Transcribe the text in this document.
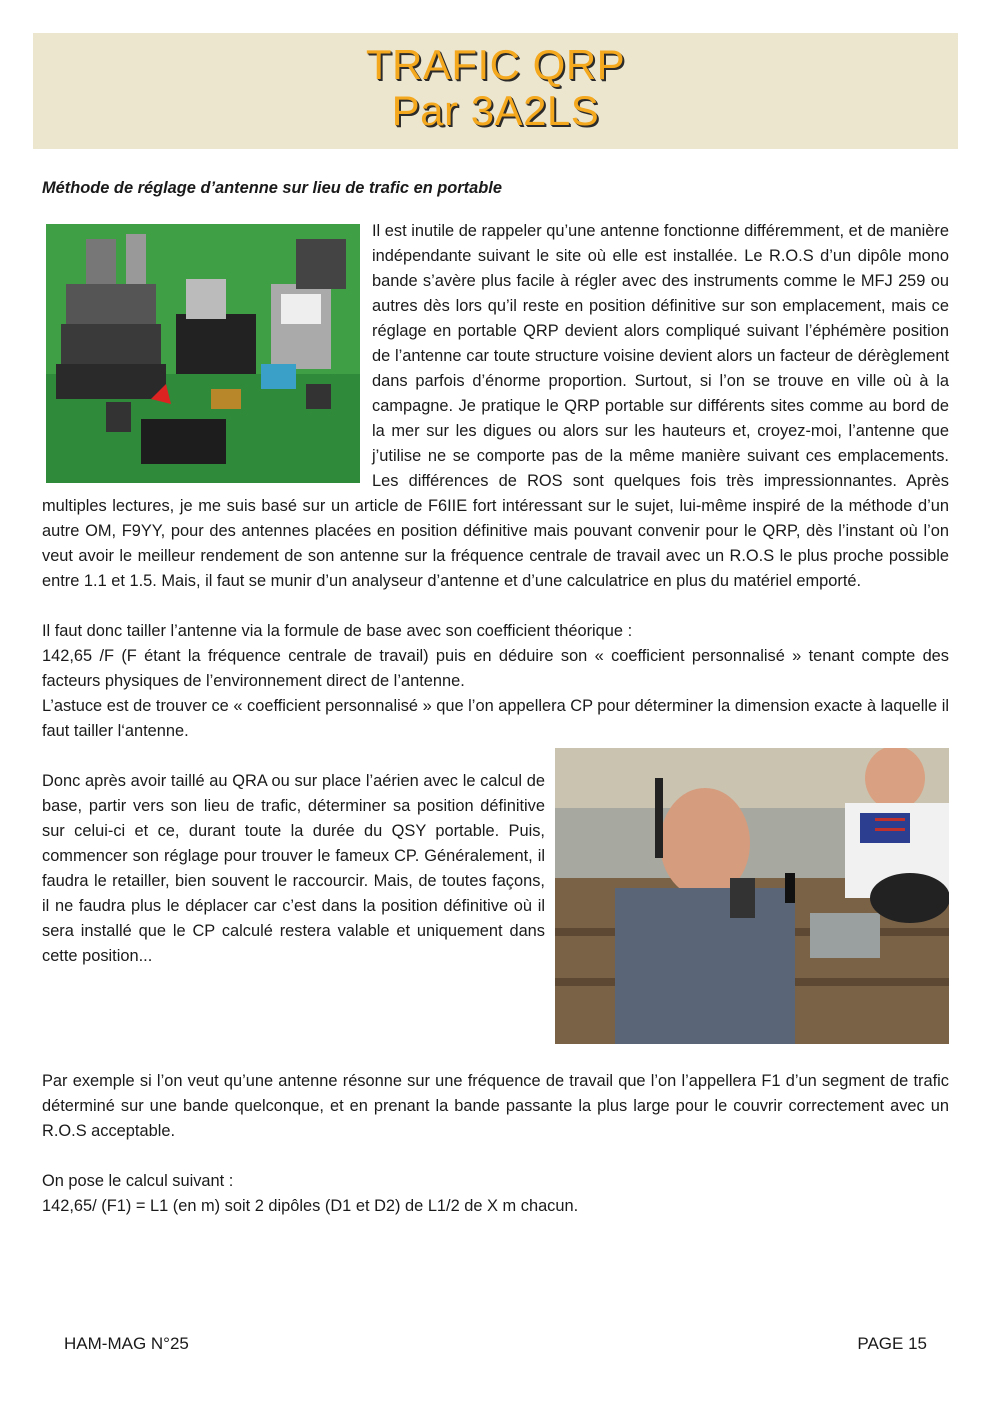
TRAFIC QRP
Par 3A2LS

Méthode de réglage d’antenne sur lieu de trafic en portable

Il est inutile de rappeler qu’une antenne fonctionne différemment, et de manière indépendante suivant le site où elle est installée. Le R.O.S d’un dipôle mono bande s’avère plus facile à régler avec des instruments comme le MFJ 259 ou autres dès lors qu’il reste en position définitive sur son emplacement, mais ce réglage en portable QRP devient alors compliqué suivant l’éphémère position de l’antenne car toute structure voisine devient alors un facteur de dérèglement dans parfois d’énorme proportion. Surtout, si l’on se trouve en ville où à la campagne. Je pratique le QRP portable sur différents sites comme au bord de la mer sur les digues ou alors sur les hauteurs et, croyez-moi, l’antenne que j’utilise ne se comporte pas de la même manière suivant ces emplacements. Les différences de ROS sont quelques fois très impressionnantes. Après multiples lectures, je me suis basé sur un article de F6IIE fort intéressant sur le sujet, lui-même inspiré de la méthode d’un autre OM, F9YY, pour des antennes placées en position définitive mais pouvant convenir pour le QRP, dès l’instant où l’on veut avoir le meilleur rendement de son antenne sur la fréquence centrale de travail avec un R.O.S le plus proche possible entre 1.1 et 1.5. Mais, il faut se munir d’un analyseur d’antenne et d’une calculatrice en plus du matériel emporté.

Il faut donc tailler l’antenne via la formule de base avec son coefficient théorique :

142,65 /F (F étant la fréquence centrale de travail) puis en déduire son « coefficient personnalisé » tenant compte des facteurs physiques de l’environnement direct de l’antenne.

L’astuce est de trouver ce « coefficient personnalisé » que l’on appellera CP pour déterminer la dimension exacte à laquelle il faut tailler l‘antenne.

Donc après avoir taillé au QRA ou sur place l’aérien avec le calcul de base, partir vers son lieu de trafic, déterminer sa position définitive sur celui-ci et ce, durant toute la durée du QSY portable. Puis, commencer son réglage pour trouver le fameux CP. Généralement, il faudra le retailler, bien souvent le raccourcir. Mais, de toutes façons, il ne faudra plus le déplacer car c’est dans la position définitive où il sera installé que le CP calculé restera valable et uniquement dans cette position...

Par exemple si l’on veut qu’une antenne résonne sur une fréquence de travail que l’on l’appellera F1 d’un segment de trafic déterminé sur une bande quelconque, et en prenant la bande passante la plus large pour le couvrir correctement avec un R.O.S acceptable.

On pose le calcul suivant :

142,65/ (F1) = L1 (en m) soit 2 dipôles (D1 et D2) de L1/2 de X m chacun.

HAM-MAG N°25	PAGE 15
